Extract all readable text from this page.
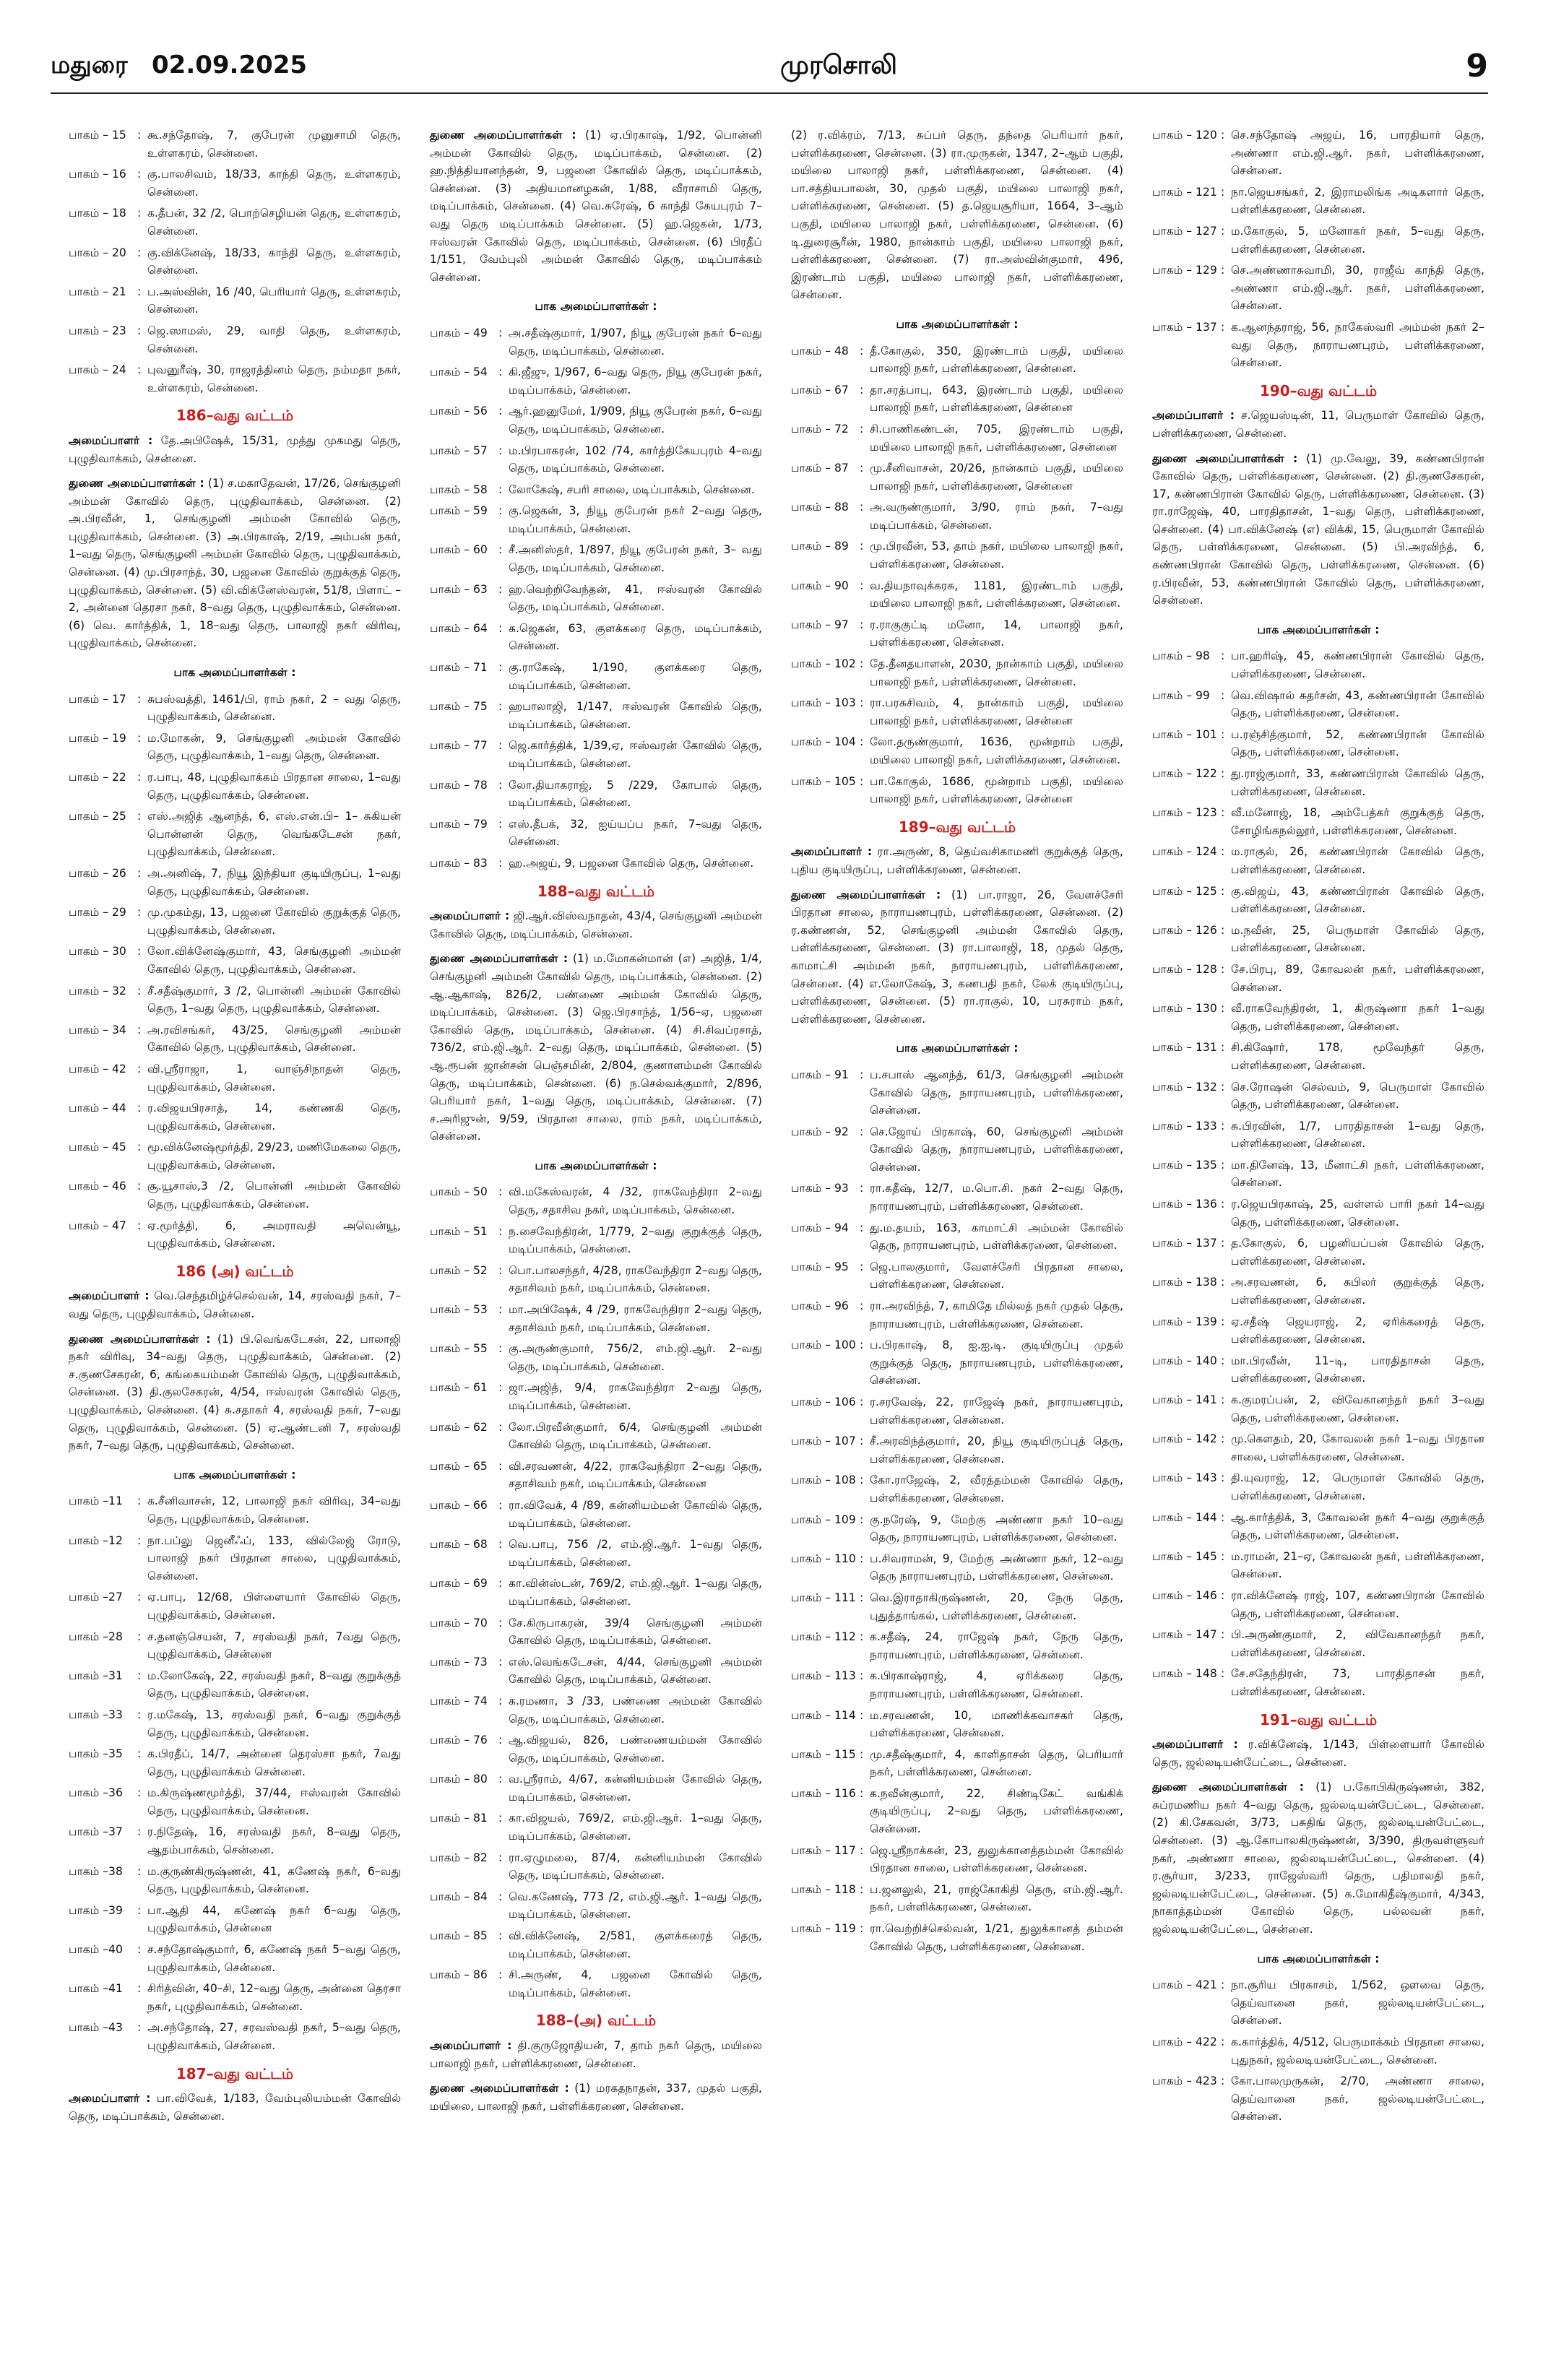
மதுரை 02.09.2025	முரசொலி	9
பாகம் – 15 : கூ.சந்தோஷ், 7, குபேரன் முனுசாமி தெரு, உள்ளகரம், சென்னை.
பாகம் – 16 : கு.பாலசிவம், 18/33, காந்தி தெரு, உள்ளகரம், சென்னை.
பாகம் – 18 : க.தீபன், 32 /2, பொற்செழியன் தெரு, உள்ளகரம், சென்னை.
பாகம் – 20 : கு.விக்னேஷ், 18/33, காந்தி தெரு, உள்ளகரம், சென்னை.
பாகம் – 21 : ப.அஸ்வின், 16 /40, பெரியார் தெரு, உள்ளகரம், சென்னை.
பாகம் – 23 : ஜெ.ஸாமஸ், 29, வாதி தெரு, உள்ளகரம், சென்னை.
பாகம் – 24 : புவனுரீஷ், 30, ராஜரத்தினம் தெரு, நம்மதா நகர், உள்ளகரம், சென்னை.
186–வது வட்டம்
அமைப்பாளர் : தே.அபிஷேக், 15/31, முத்து முகமது தெரு, புழுதிவாக்கம், சென்னை.
துணை அமைப்பாளர்கள் : (1) ச.மகாதேவன், 17/26, செங்குழனி அம்மன் கோவில் தெரு, புழுதிவாக்கம், சென்னை. (2) அ.பிரவீன், 1, செங்குழனி அம்மன் கோவில் தெரு, புழுதிவாக்கம், சென்னை. (3) அ.பிரகாஷ், 2/19, அம்பன் நகர், 1–வது தெரு, செங்குழனி அம்மன் கோவில் தெரு, புழுதிவாக்கம், சென்னை. (4) மு.பிரசாந்த், 30, பஜனை கோவில் குறுக்குத் தெரு, புழுதிவாக்கம், சென்னை. (5) வி.விக்னேஸ்வரன், 51/8, பிளாட் –2, அன்னை தெரசா நகர், 8–வது தெரு, புழுதிவாக்கம், சென்னை. (6) வெ. கார்த்திக், 1, 18–வது தெரு, பாலாஜி நகர் விரிவு, புழுதிவாக்கம், சென்னை.
பாக அமைப்பாளர்கள் :
பாகம் – 17 : சுபஸ்வத்தி, 1461/பி, ராம் நகர், 2 – வது தெரு, புழுதிவாக்கம், சென்னை.
பாகம் – 19 : ம.மோகன், 9, செங்குழனி அம்மன் கோவில் தெரு, புழுதிவாக்கம், 1–வது தெரு, சென்னை.
பாகம் – 22 : ர.பாபு, 48, புழுதிவாக்கம் பிரதான சாலை, 1–வது தெரு, புழுதிவாக்கம், சென்னை.
பாகம் – 25 : எஸ்.அஜித் ஆனந்த், 6, எஸ்.என்.பி– 1– சுகியன் பொன்னன் தெரு, வெங்கடேசன் நகர், புழுதிவாக்கம், சென்னை.
பாகம் – 26 : அ.அனிஷ், 7, நியூ இந்தியா குடியிருப்பு, 1–வது தெரு, புழுதிவாக்கம், சென்னை.
பாகம் – 29 : மு.முகம்து, 13, பஜனை கோவில் குறுக்குத் தெரு, புழுதிவாக்கம், சென்னை.
பாகம் – 30 : லோ.விக்னேஷ்குமார், 43, செங்குழனி அம்மன் கோவில் தெரு, புழுதிவாக்கம், சென்னை.
பாகம் – 32 : சீ.சதீஷ்குமார், 3 /2, பொன்னி அம்மன் கோவில் தெரு, 1–வது தெரு, புழுதிவாக்கம், சென்னை.
பாகம் – 34 : அ.ரவிசங்கர், 43/25, செங்குழனி அம்மன் கோவில் தெரு, புழுதிவாக்கம், சென்னை.
பாகம் – 42 : வி.ஸ்ரீராஜா, 1, வாஞ்சிநாதன் தெரு, புழுதிவாக்கம், சென்னை.
பாகம் – 44 : ர.விஜயபிரசாத், 14, கண்ணகி தெரு, புழுதிவாக்கம், சென்னை.
பாகம் – 45 : மூ.விக்னேஷ்மூர்த்தி, 29/23, மணிமேகலை தெரு, புழுதிவாக்கம், சென்னை.
பாகம் – 46 : சூ.யூசாஸ்,3 /2, பொன்னி அம்மன் கோவில் தெரு, புழுதிவாக்கம், சென்னை.
பாகம் – 47 : ஏ.மூர்த்தி, 6, அமராவதி அவென்யூ, புழுதிவாக்கம், சென்னை.
186 (அ) வட்டம்
அமைப்பாளர் : வெ.செந்தமிழ்ச்செல்வன், 14, சரஸ்வதி நகர், 7–வது தெரு, புழுதிவாக்கம், சென்னை.
துணை அமைப்பாளர்கள் : (1) பி.வெங்கடேசன், 22, பாலாஜி நகர் விரிவு, 34–வது தெரு, புழுதிவாக்கம், சென்னை. (2) ச.குணசேகரன், 6, கங்கையம்மன் கோவில் தெரு, புழுதிவாக்கம், சென்னை. (3) தி.குலசேகரன், 4/54, ஈஸ்வரன் கோவில் தெரு, புழுதிவாக்கம், சென்னை. (4) சு.சதாகர் 4, சரஸ்வதி நகர், 7–வது தெரு, புழுதிவாக்கம், சென்னை. (5) ஏ.ஆண்டனி 7, சரஸ்வதி நகர், 7–வது தெரு, புழுதிவாக்கம், சென்னை.
பாக அமைப்பாளர்கள் :
பாகம் –11	: க.சீனிவாசன், 12, பாலாஜி நகர் விரிவு, 34–வது தெரு, புழுதிவாக்கம், சென்னை.
பாகம் –12	: நா.பப்லு ஜெனீஃப், 133, வில்லேஜ் ரோடு, பாலாஜி நகர் பிரதான சாலை, புழுதிவாக்கம், சென்னை.
பாகம் –27	: ஏ.பாபு, 12/68, பிள்ளையார் கோவில் தெரு, புழுதிவாக்கம், சென்னை.
பாகம் –28	: ச.தனஞ்செயன், 7, சரஸ்வதி நகர், 7வது தெரு, புழுதிவாக்கம், சென்னை
பாகம் –31	: ம.லோகேஷ், 22, சரஸ்வதி நகர், 8–வது குறுக்குத் தெரு, புழுதிவாக்கம், சென்னை.
பாகம் –33	: ர.மகேஷ், 13, சரஸ்வதி நகர், 6–வது குறுக்குத் தெரு, புழுதிவாக்கம், சென்னை.
பாகம் –35	: க.பிரதீப், 14/7, அன்னை தெரஸ்சா நகர், 7வது தெரு, புழுதிவாக்கம் சென்னை.
பாகம் –36	: ம.கிருஷ்ணமூர்த்தி, 37/44, ஈஸ்வரன் கோவில் தெரு, புழுதிவாக்கம், சென்னை.
பாகம் –37	: ர.நிதேஷ், 16, சரஸ்வதி நகர், 8–வது தெரு, ஆதம்பாக்கம், சென்னை.
பாகம் –38	: ம.குருண்கிருஷ்ணன், 41, கணேஷ் நகர், 6–வது தெரு, புழுதிவாக்கம், சென்னை.
பாகம் –39	: பா.ஆதி 44, கணேஷ் நகர் 6–வது தெரு, புழுதிவாக்கம், சென்னை
பாகம் –40	: ச.சந்தோஷ்குமார், 6, கணேஷ் நகர் 5–வது தெரு, புழுதிவாக்கம், சென்னை.
பாகம் –41	: சிரித்வின், 40–சி, 12–வது தெரு, அன்னை தெரசா நகர், புழுதிவாக்கம், சென்னை.
பாகம் –43	: அ.சந்தோஷ், 27, சரவஸ்வதி நகர், 5–வது தெரு, புழுதிவாக்கம், சென்னை.
187–வது வட்டம்
அமைப்பாளர் : பா.விவேக், 1/183, வேம்புலியம்மன் கோவில் தெரு, மடிப்பாக்கம், சென்னை.
துணை அமைப்பாளர்கள் : (1) ஏ.பிரகாஷ், 1/92, பொன்னி அம்மன் கோவில் தெரு, மடிப்பாக்கம், சென்னை. (2) ஹ.நித்தியானந்தன், 9, பஜனை கோவில் தெரு, மடிப்பாக்கம், சென்னை. (3) அதியமானழகன், 1/88, வீராசாமி தெரு, மடிப்பாக்கம், சென்னை. (4) வெ.சுரேஷ், 6 காந்தி கேயபுரம் 7–வது தெரு மடிப்பாக்கம் சென்னை. (5) ஹ.ஜெகன், 1/73, ஈஸ்வரன் கோவில் தெரு, மடிப்பாக்கம், சென்னை. (6) பிரதீப் 1/151, வேம்புலி அம்மன் கோவில் தெரு, மடிப்பாக்கம் சென்னை.
பாக அமைப்பாளர்கள் :
பாகம் – 49 : அ.சதீஷ்குமார், 1/907, நியூ குபேரன் நகர் 6–வது தெரு, மடிப்பாக்கம், சென்னை.
பாகம் – 54 : கி.ஜீஜு, 1/967, 6–வது தெரு, நியூ குபேரன் நகர், மடிப்பாக்கம், சென்னை.
பாகம் – 56 : ஆர்.ஹனுமேர், 1/909, நியூ குபேரன் நகர், 6–வது தெரு, மடிப்பாக்கம், சென்னை.
பாகம் – 57 : ம.பிரபாகரன், 102 /74, கார்த்திகேயபுரம் 4–வது தெரு, மடிப்பாக்கம், சென்னை.
பாகம் – 58 : லோகேஷ், சபரி சாலை, மடிப்பாக்கம், சென்னை.
பாகம் – 59 : கு.ஜெகன், 3, நியூ குபேரன் நகர் 2–வது தெரு, மடிப்பாக்கம், சென்னை.
பாகம் – 60 : சீ.அனிஸ்தர், 1/897, நியூ குபேரன் நகர், 3– வது தெரு, மடிப்பாக்கம், சென்னை.
பாகம் – 63 : ஹ.வெற்றிவேந்தன், 41, ஈஸ்வரன் கோவில் தெரு, மடிப்பாக்கம், சென்னை.
பாகம் – 64 : க.ஜெகன், 63, குளக்கரை தெரு, மடிப்பாக்கம், சென்னை.
பாகம் – 71 : கு.ராகேஷ், 1/190, குளக்கரை தெரு, மடிப்பாக்கம், சென்னை.
பாகம் – 75 : ஹபாலாஜி, 1/147, ஈஸ்வரன் கோவில் தெரு, மடிப்பாக்கம், சென்னை.
பாகம் – 77 : ஜெ.கார்த்திக், 1/39,ஏ, ஈஸ்வரன் கோவில் தெரு, மடிப்பாக்கம், சென்னை.
பாகம் – 78 : லோ.தியாகராஜ், 5 /229, கோபால் தெரு, மடிப்பாக்கம், சென்னை.
பாகம் – 79 : எஸ்.தீபக், 32, ஐய்யப்ப நகர், 7–வது தெரு, சென்னை.
பாகம் – 83 : ஹ.அஜய், 9, பஜனை கோவில் தெரு, சென்னை.
188–வது வட்டம்
அமைப்பாளர் : ஜி.ஆர்.விஸ்வநாதன், 43/4, செங்குழனி அம்மன் கோவில் தெரு, மடிப்பாக்கம், சென்னை.
துணை அமைப்பாளர்கள் : (1) ம.மோகன்மான் (எ) அஜித், 1/4, செங்குழனி அம்மன் கோவில் தெரு, மடிப்பாக்கம், சென்னை. (2) ஆ.ஆகாஷ், 826/2, பண்ணை அம்மன் கோவில் தெரு, மடிப்பாக்கம், சென்னை. (3) ஜெ.பிரசாந்த், 1/56–ஏ, பஜனை கோவில் தெரு, மடிப்பாக்கம், சென்னை. (4) சி.சிவப்ரசாத், 736/2, எம்.ஜி.ஆர். 2–வது தெரு, மடிப்பாக்கம், சென்னை. (5) ஆ.ரூபன் ஜான்சன் பெஞ்சமின், 2/804, குணாளம்மன் கோவில் தெரு, மடிப்பாக்கம், சென்னை. (6) ந.செல்வக்குமார், 2/896, பெரியார் நகர், 1–வது தெரு, மடிப்பாக்கம், சென்னை. (7) ச.அரிஜுன், 9/59, பிரதான சாலை, ராம் நகர், மடிப்பாக்கம், சென்னை.
பாக அமைப்பாளர்கள் :
பாகம் – 50 : வி.மகேஸ்வரன், 4 /32, ராகவேந்திரா 2–வது தெரு, சதாசிவ நகர், மடிப்பாக்கம், சென்னை.
பாகம் – 51 : ந.சைவேந்திரன், 1/779, 2–வது குறுக்குத் தெரு, மடிப்பாக்கம், சென்னை.
பாகம் – 52 : பொ.பாலசந்தர், 4/28, ராகவேந்திரா 2–வது தெரு, சதாசிவம் நகர், மடிப்பாக்கம், சென்னை.
பாகம் – 53 : மா.அபிஷேக், 4 /29, ராகவேந்திரா 2–வது தெரு, சதாசிவம் நகர், மடிப்பாக்கம், சென்னை.
பாகம் – 55 : கு.அருண்குமார், 756/2, எம்.ஜி.ஆர். 2–வது தெரு, மடிப்பாக்கம், சென்னை.
பாகம் – 61 : ஜா.அஜித், 9/4, ராகவேந்திரா 2–வது தெரு, மடிப்பாக்கம், சென்னை.
பாகம் – 62 : லோ.பிரவீன்குமார், 6/4, செங்குழனி அம்மன் கோவில் தெரு, மடிப்பாக்கம், சென்னை.
பாகம் – 65 : வி.சரவணன், 4/22, ராகவேந்திரா 2–வது தெரு, சதாசிவம் நகர், மடிப்பாக்கம், சென்னை
பாகம் – 66 : ரா.விவேக், 4 /89, கன்னியம்மன் கோவில் தெரு, மடிப்பாக்கம், சென்னை.
பாகம் – 68 : வெ.பாபு, 756 /2, எம்.ஜி.ஆர். 1–வது தெரு, மடிப்பாக்கம், சென்னை.
பாகம் – 69 : கா.வின்ஸ்டன், 769/2, எம்.ஜி.ஆர். 1–வது தெரு, மடிப்பாக்கம், சென்னை.
பாகம் – 70 : சே.கிருபாகரன், 39/4 செங்குழனி அம்மன் கோவில் தெரு, மடிப்பாக்கம், சென்னை.
பாகம் – 73 : எஸ்.வெங்கடேசன், 4/44, செங்குழனி அம்மன் கோவில் தெரு, மடிப்பாக்கம், சென்னை.
பாகம் – 74 : க.ரமணா, 3 /33, பண்ணை அம்மன் கோவில் தெரு, மடிப்பாக்கம், சென்னை.
பாகம் – 76 : ஆ.விஜயல், 826, பண்ணையம்மன் கோவில் தெரு, மடிப்பாக்கம், சென்னை.
பாகம் – 80 : வ.ஸ்ரீராம், 4/67, கன்னியம்மன் கோவில் தெரு, மடிப்பாக்கம், சென்னை.
பாகம் – 81 : கா.விஜயல், 769/2, எம்.ஜி.ஆர். 1–வது தெரு, மடிப்பாக்கம், சென்னை.
பாகம் – 82 : ரா.ஏழுமலை, 87/4, கன்னியம்மன் கோவில் தெரு, மடிப்பாக்கம், சென்னை.
பாகம் – 84 : வெ.கணேஷ், 773 /2, எம்.ஜி.ஆர். 1–வது தெரு, மடிப்பாக்கம், சென்னை.
பாகம் – 85 : வி.விக்னேஷ், 2/581, குளக்கரைத் தெரு, மடிப்பாக்கம், சென்னை.
பாகம் – 86 : சி.அருண், 4, பஜனை கோவில் தெரு, மடிப்பாக்கம், சென்னை.
188–(அ) வட்டம்
அமைப்பாளர் : தி.குருஜோதியன், 7, தாம் நகர் தெரு, மயிலை பாலாஜி நகர், பள்ளிக்கரணை, சென்னை.
துணை அமைப்பாளர்கள் : (1) மரகதநாதன், 337, முதல் பகுதி, மயிலை, பாலாஜி நகர், பள்ளிக்கரணை, சென்னை.
(2) ர.விக்ரம், 7/13, சுப்பர் தெரு, தந்தை பெரியார் நகர், பள்ளிக்கரணை, சென்னை. (3) ரா.முருகன், 1347, 2–ஆம் பகுதி, மயிலை பாலாஜி நகர், பள்ளிக்கரணை, சென்னை. (4) பா.சத்தியபாலன், 30, முதல் பகுதி, மயிலை பாலாஜி நகர், பள்ளிக்கரணை, சென்னை. (5) த.ஜெயசூரியா, 1664, 3–ஆம் பகுதி, மயிலை பாலாஜி நகர், பள்ளிக்கரணை, சென்னை. (6) டி.துரைசூரீன், 1980, நான்காம் பகுதி, மயிலை பாலாஜி நகர், பள்ளிக்கரணை, சென்னை. (7) ரா.அஸ்வின்குமார், 496, இரண்டாம் பகுதி, மயிலை பாலாஜி நகர், பள்ளிக்கரணை, சென்னை.
பாக அமைப்பாளர்கள் :
பாகம் – 48 : தீ.கோகுல், 350, இரண்டாம் பகுதி, மயிலை பாலாஜி நகர், பள்ளிக்கரணை, சென்னை.
பாகம் – 67 : தா.சரத்பாபு, 643, இரண்டாம் பகுதி, மயிலை பாலாஜி நகர், பள்ளிக்கரணை, சென்னை
பாகம் – 72 : சி.பாணிகண்டன், 705, இரண்டாம் பகுதி, மயிலை பாலாஜி நகர், பள்ளிக்கரணை, சென்னை
பாகம் – 87 : மு.சீனிவாசன், 20/26, நான்காம் பகுதி, மயிலை பாலாஜி நகர், பள்ளிக்கரணை, சென்னை
பாகம் – 88 : அ.வருண்குமார், 3/90, ராம் நகர், 7–வது மடிப்பாக்கம், சென்னை.
பாகம் – 89 : மு.பிரவீன், 53, தாம் நகர், மயிலை பாலாஜி நகர், பள்ளிக்கரணை, சென்னை.
பாகம் – 90 : வ.தியநாவுக்கரசு, 1181, இரண்டாம் பகுதி, மயிலை பாலாஜி நகர், பள்ளிக்கரணை, சென்னை.
பாகம் – 97 : ர.ராகுகுட்டி மனோ, 14, பாலாஜி நகர், பள்ளிக்கரணை, சென்னை.
பாகம் – 102 : தே.தீனதயாளன், 2030, நான்காம் பகுதி, மயிலை பாலாஜி நகர், பள்ளிக்கரணை, சென்னை.
பாகம் – 103 : ரா.பரசுசிவம், 4, நான்காம் பகுதி, மயிலை பாலாஜி நகர், பள்ளிக்கரணை, சென்னை
பாகம் – 104 : லோ.தருண்குமார், 1636, மூன்றாம் பகுதி, மயிலை பாலாஜி நகர், பள்ளிக்கரணை, சென்னை.
பாகம் – 105 : பா.கோகுல், 1686, மூன்றாம் பகுதி, மயிலை பாலாஜி நகர், பள்ளிக்கரணை, சென்னை
189–வது வட்டம்
அமைப்பாளர் : ரா.அருண், 8, தெய்வசிகாமணி குறுக்குத் தெரு, புதிய குடியிருப்பு, பள்ளிக்கரணை, சென்னை.
துணை அமைப்பாளர்கள் : (1) பா.ராஜா, 26, வேளச்சேரி பிரதான சாலை, நாராயணபுரம், பள்ளிக்கரணை, சென்னை. (2) ர.கண்ணன், 52, செங்குழனி அம்மன் கோவில் தெரு, பள்ளிக்கரணை, சென்னை. (3) ரா.பாலாஜி, 18, முதல் தெரு, காமாட்சி அம்மன் நகர், நாராயணபுரம், பள்ளிக்கரணை, சென்னை. (4) எ.லோகேஷ், 3, கணபதி நகர், லேக் குடியிருப்பு, பள்ளிக்கரணை, சென்னை. (5) ரா.ராகுல், 10, பரசுராம் நகர், பள்ளிக்கரணை, சென்னை.
பாக அமைப்பாளர்கள் :
பாகம் – 91 : ப.சபாஸ் ஆனந்த், 61/3, செங்குழனி அம்மன் கோவில் தெரு, நாராயணபுரம், பள்ளிக்கரணை, சென்னை.
பாகம் – 92 : செ.ஜோய் பிரகாஷ், 60, செங்குழனி அம்மன் கோவில் தெரு, நாராயணபுரம், பள்ளிக்கரணை, சென்னை.
பாகம் – 93 : ரா.கதீஷ், 12/7, ம.பொ.சி. நகர் 2–வது தெரு, நாராயணபுரம், பள்ளிக்கரணை, சென்னை.
பாகம் – 94 : து.ம.தயம், 163, காமாட்சி அம்மன் கோவில் தெரு, நாராயணபுரம், பள்ளிக்கரணை, சென்னை.
பாகம் – 95 : ஜெ.பாலகுமார், வேளச்சேரி பிரதான சாலை, பள்ளிக்கரணை, சென்னை.
பாகம் – 96 : ரா.அரவிந்த், 7, காமிதே மில்லத் நகர் முதல் தெரு, நாராயணபுரம், பள்ளிக்கரணை, சென்னை.
பாகம் – 100 : ப.பிரகாஷ், 8, ஐ.ஐ.டி. குடியிருப்பு முதல் குறுக்குத் தெரு, நாராயணபுரம், பள்ளிக்கரணை, சென்னை.
பாகம் – 106 : ர.சரவேஷ், 22, ராஜேஷ் நகர், நாராயணபுரம், பள்ளிக்கரணை, சென்னை.
பாகம் – 107 : சீ.அரவிந்த்குமார், 20, நியூ குடியிருப்புத் தெரு, பள்ளிக்கரணை, சென்னை.
பாகம் – 108 : கோ.ராஜேஷ், 2, வீரத்தம்மன் கோவில் தெரு, பள்ளிக்கரணை, சென்னை.
பாகம் – 109 : கு.நரேஷ், 9, மேற்கு அண்ணா நகர் 10–வது தெரு, நாராயணபுரம், பள்ளிக்கரணை, சென்னை.
பாகம் – 110 : ப.சிவராமன், 9, மேற்கு அண்ணா நகர், 12–வது தெரு நாராயணபுரம், பள்ளிக்கரணை, சென்னை.
பாகம் – 111 : வெ.இராதாகிருஷ்ணன், 20, நேரு தெரு, புதுத்தாங்கல், பள்ளிக்கரணை, சென்னை.
பாகம் – 112 : க.சதீஷ், 24, ராஜேஷ் நகர், நேரு தெரு, நாராயணபுரம், பள்ளிக்கரணை, சென்னை.
பாகம் – 113 : க.பிரகாஷ்ராஜ், 4, ஏரிக்கரை தெரு, நாராயணபுரம், பள்ளிக்கரணை, சென்னை.
பாகம் – 114 : ம.சரவணன், 10, மாணிக்கவாசகர் தெரு, பள்ளிக்கரணை, சென்னை.
பாகம் – 115 : மு.சதீஷ்குமார், 4, காளிதாசன் தெரு, பெரியார் நகர், பள்ளிக்கரணை, சென்னை.
பாகம் – 116 : க.நவீன்குமார், 22, சிண்டிகேட் வங்கிக் குடியிருப்பு, 2–வது தெரு, பள்ளிக்கரணை, சென்னை.
பாகம் – 117 : ஜெ.ஸ்ரீநாக்கன், 23, துலுக்கானத்தம்மன் கோவில் பிரதான சாலை, பள்ளிக்கரணை, சென்னை.
பாகம் – 118 : ப.ஜனலுல், 21, ராஜ்கோகிதி தெரு, எம்.ஜி.ஆர். நகர், பள்ளிக்கரணை, சென்னை.
பாகம் – 119 : ரா.வெற்றிச்செல்வன், 1/21, துலுக்கானத் தம்மன் கோவில் தெரு, பள்ளிக்கரணை, சென்னை.
பாகம் – 120 : செ.சந்தோஷ் அஜய், 16, பாரதியார் தெரு, அண்ணா எம்.ஜி.ஆர். நகர், பள்ளிக்கரணை, சென்னை.
பாகம் – 121 : நா.ஜெயசங்கர், 2, இராமலிங்க அடிகளார் தெரு, பள்ளிக்கரணை, சென்னை.
பாகம் – 127 : ம.கோகுல், 5, மனோகர் நகர், 5–வது தெரு, பள்ளிக்கரணை, சென்னை.
பாகம் – 129 : செ.அண்ணாசுவாமி, 30, ராஜீவ் காந்தி தெரு, அண்ணா எம்.ஜி.ஆர். நகர், பள்ளிக்கரணை, சென்னை.
பாகம் – 137 : க.ஆனந்தராஜ், 56, நாகேஸ்வரி அம்மன் நகர் 2–வது தெரு, நாராயணபுரம், பள்ளிக்கரணை, சென்னை.
190–வது வட்டம்
அமைப்பாளர் : ச.ஜெயஸ்டின், 11, பெருமாள் கோவில் தெரு, பள்ளிக்கரணை, சென்னை.
துணை அமைப்பாளர்கள் : (1) மு.வேலு, 39, கண்ணபிரான் கோவில் தெரு, பள்ளிக்கரணை, சென்னை. (2) தி.குணசேகரன், 17, கண்ணபிரான் கோவில் தெரு, பள்ளிக்கரணை, சென்னை. (3) ரா.ராஜேஷ், 40, பாரதிதாசன், 1–வது தெரு, பள்ளிக்கரணை, சென்னை. (4) பா.விக்னேஷ் (எ) விக்கி, 15, பெருமாள் கோவில் தெரு, பள்ளிக்கரணை, சென்னை. (5) பி.அரவிந்த், 6, கண்ணபிரான் கோவில் தெரு, பள்ளிக்கரணை, சென்னை. (6) ர.பிரவீன், 53, கண்ணபிரான் கோவில் தெரு, பள்ளிக்கரணை, சென்னை.
பாக அமைப்பாளர்கள் :
பாகம் – 98 : பா.ஹரிஷ், 45, கண்ணபிரான் கோவில் தெரு, பள்ளிக்கரணை, சென்னை.
பாகம் – 99 : வெ.விஷால் சுதர்சன், 43, கண்ணபிரான் கோவில் தெரு, பள்ளிக்கரணை, சென்னை.
பாகம் – 101 : ப.ரஞ்சித்குமார், 52, கண்ணபிரான் கோவில் தெரு, பள்ளிக்கரணை, சென்னை.
பாகம் – 122 : து.ராஜ்குமார், 33, கண்ணபிரான் கோவில் தெரு, பள்ளிக்கரணை, சென்னை.
பாகம் – 123 : வீ.மனோஜ், 18, அம்பேத்கர் குறுக்குத் தெரு, சோழிங்கநல்லூர், பள்ளிக்கரணை, சென்னை.
பாகம் – 124 : ம.ராகுல், 26, கண்ணபிரான் கோவில் தெரு, பள்ளிக்கரணை, சென்னை.
பாகம் – 125 : கு.விஜய், 43, கண்ணபிரான் கோவில் தெரு, பள்ளிக்கரணை, சென்னை.
பாகம் – 126 : ம.நவீன், 25, பெருமாள் கோவில் தெரு, பள்ளிக்கரணை, சென்னை.
பாகம் – 128 : சே.பிரபு, 89, கோவலன் நகர், பள்ளிக்கரணை, சென்னை.
பாகம் – 130 : வீ.ராகவேந்திரன், 1, கிருஷ்ணா நகர் 1–வது தெரு, பள்ளிக்கரணை, சென்னை.
பாகம் – 131 : சி.கிஷோர், 178, மூவேந்தர் தெரு, பள்ளிக்கரணை, சென்னை.
பாகம் – 132 : செ.ரோஷன் செல்வம், 9, பெருமாள் கோவில் தெரு, பள்ளிக்கரணை, சென்னை.
பாகம் – 133 : சு.பிரவின், 1/7, பாரதிதாசன் 1–வது தெரு, பள்ளிக்கரணை, சென்னை.
பாகம் – 135 : மா.தினேஷ், 13, மீனாட்சி நகர், பள்ளிக்கரணை, சென்னை.
பாகம் – 136 : ர.ஜெயபிரகாஷ், 25, வள்ளல் பாரி நகர் 14–வது தெரு, பள்ளிக்கரணை, சென்னை.
பாகம் – 137 : த.கோகுல், 6, பழனியப்பன் கோவில் தெரு, பள்ளிக்கரணை, சென்னை.
பாகம் – 138 : அ.சரவணன், 6, கபிலர் குறுக்குத் தெரு, பள்ளிக்கரணை, சென்னை.
பாகம் – 139 : ஏ.சதீஷ் ஜெயராஜ், 2, ஏரிக்கரைத் தெரு, பள்ளிக்கரணை, சென்னை.
பாகம் – 140 : மா.பிரவீன், 11–டி, பாரதிதாசன் தெரு, பள்ளிக்கரணை, சென்னை.
பாகம் – 141 : க.குமரப்பன், 2, விவேகானந்தர் நகர் 3–வது தெரு, பள்ளிக்கரணை, சென்னை.
பாகம் – 142 : மு.கௌதம், 20, கோவலன் நகர் 1–வது பிரதான சாலை, பள்ளிக்கரணை, சென்னை.
பாகம் – 143 : தி.யுவராஜ், 12, பெருமாள் கோவில் தெரு, பள்ளிக்கரணை, சென்னை.
பாகம் – 144 : ஆ.கார்த்திக், 3, கோவலன் நகர் 4–வது குறுக்குத் தெரு, பள்ளிக்கரணை, சென்னை.
பாகம் – 145 : ம.ராமன், 21–ஏ, கோவலன் நகர், பள்ளிக்கரணை, சென்னை.
பாகம் – 146 : ரா.விக்னேஷ் ராஜ், 107, கண்ணபிரான் கோவில் தெரு, பள்ளிக்கரணை, சென்னை.
பாகம் – 147 : பி.அருண்குமார், 2, விவேகானந்தர் நகர், பள்ளிக்கரணை, சென்னை.
பாகம் – 148 : சே.சதேந்திரன், 73, பாரதிதாசன் நகர், பள்ளிக்கரணை, சென்னை.
191–வது வட்டம்
அமைப்பாளர் : ர.விக்னேஷ், 1/143, பிள்ளையார் கோவில் தெரு, ஜல்லடியன்பேட்டை, சென்னை.
துணை அமைப்பாளர்கள் : (1) ப.கோபிகிருஷ்ணன், 382, சுப்ரமணிய நகர் 4–வது தெரு, ஜல்லடியன்பேட்டை, சென்னை. (2) கி.சேகவன், 3/73, பசுதிங் தெரு, ஜல்லடியன்பேட்டை, சென்னை. (3) ஆ.கோபாலகிருஷ்ணன், 3/390, திருவள்ளுவர் நகர், அண்ணா சாலை, ஜல்லடியன்பேட்டை, சென்னை. (4) ர.சூர்யா, 3/233, ராஜேஸ்வரி தெரு, பதிமாலதி நகர், ஜல்லடியன்பேட்டை, சென்னை. (5) க.மோகிதீஷ்குமார், 4/343, நாகாத்தம்மன் கோவில் தெரு, பல்லவன் நகர், ஜல்லடியன்பேட்டை, சென்னை.
பாக அமைப்பாளர்கள் :
பாகம் – 421 : நா.சூரிய பிரகாசம், 1/562, ஔவை தெரு, தெய்வானை நகர், ஜல்லடியன்பேட்டை, சென்னை.
பாகம் – 422 : க.கார்த்திக், 4/512, பெருமாக்கம் பிரதான சாலை, புதுநகர், ஜல்லடியன்பேட்டை, சென்னை.
பாகம் – 423 : கோ.பாலமுருகன், 2/70, அண்ணா சாலை, தெய்வானை நகர், ஜல்லடியன்பேட்டை, சென்னை.
